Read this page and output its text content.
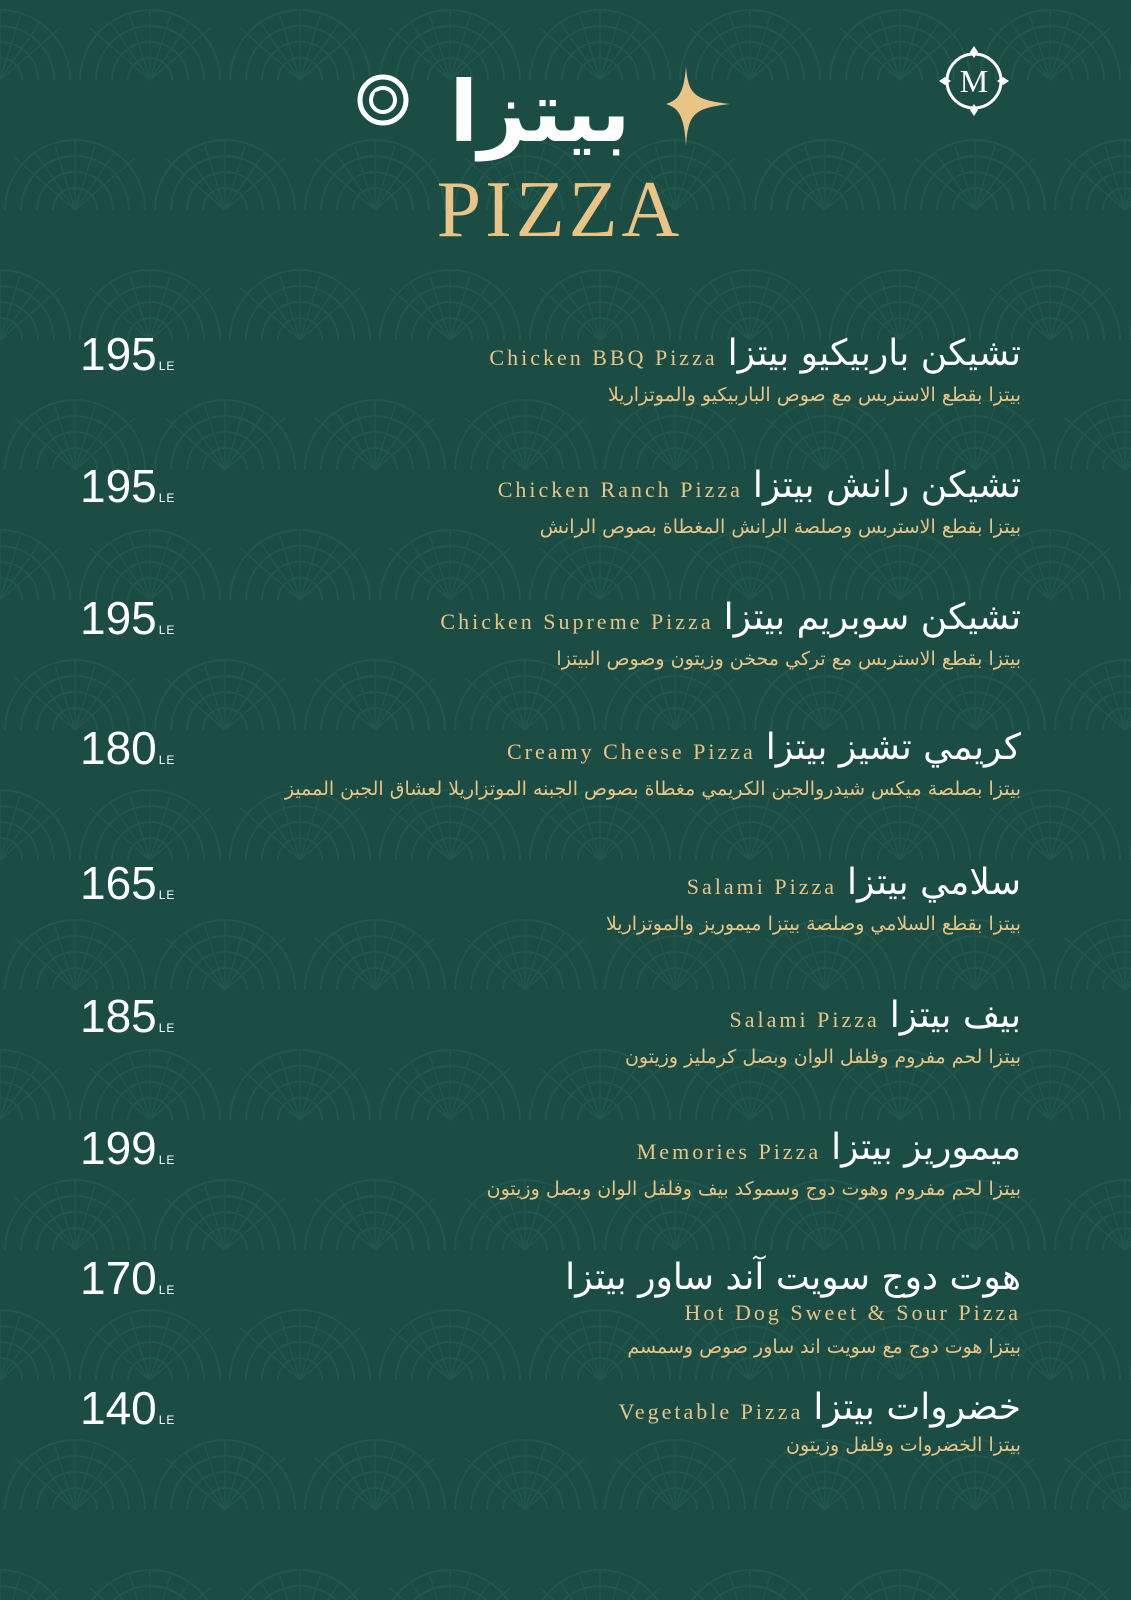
M
بيتزا
PIZZA
195 LE	Chicken BBQ Pizza تشيكن باربيكيو بيتزا
بيتزا بقطع الاستربس مع صوص الباربيكيو والموتزاريلا
195 LE	Chicken Ranch Pizza تشيكن رانش بيتزا
بيتزا بقطع الاستربس وصلصة الرانش المغطاة بصوص الرانش
195 LE	Chicken Supreme Pizza تشيكن سوبريم بيتزا
بيتزا بقطع الاستربس مع تركي محخن وزيتون وصوص البيتزا
180 LE	Creamy Cheese Pizza كريمي تشيز بيتزا
بيتزا بصلصة ميكس شيدروالجبن الكريمي مغطاة بصوص الجبنه الموتزاريلا لعشاق الجبن المميز
165 LE	Salami Pizza سلامي بيتزا
بيتزا بقطع السلامي وصلصة بيتزا ميموريز والموتزاريلا
185 LE	Salami Pizza بيف بيتزا
بيتزا لحم مفروم وفلفل الوان وبصل كرمليز وزيتون
199 LE	Memories Pizza ميموريز بيتزا
بيتزا لحم مفروم وهوت دوج وسموكد بيف وفلفل الوان وبصل وزيتون
170 LE	هوت دوج سويت آند ساور بيتزا
Hot Dog Sweet & Sour Pizza
بيتزا هوت دوج مع سويت اند ساور صوص وسمسم
140 LE	Vegetable Pizza خضروات بيتزا
بيتزا الخضروات وفلفل وزيتون
